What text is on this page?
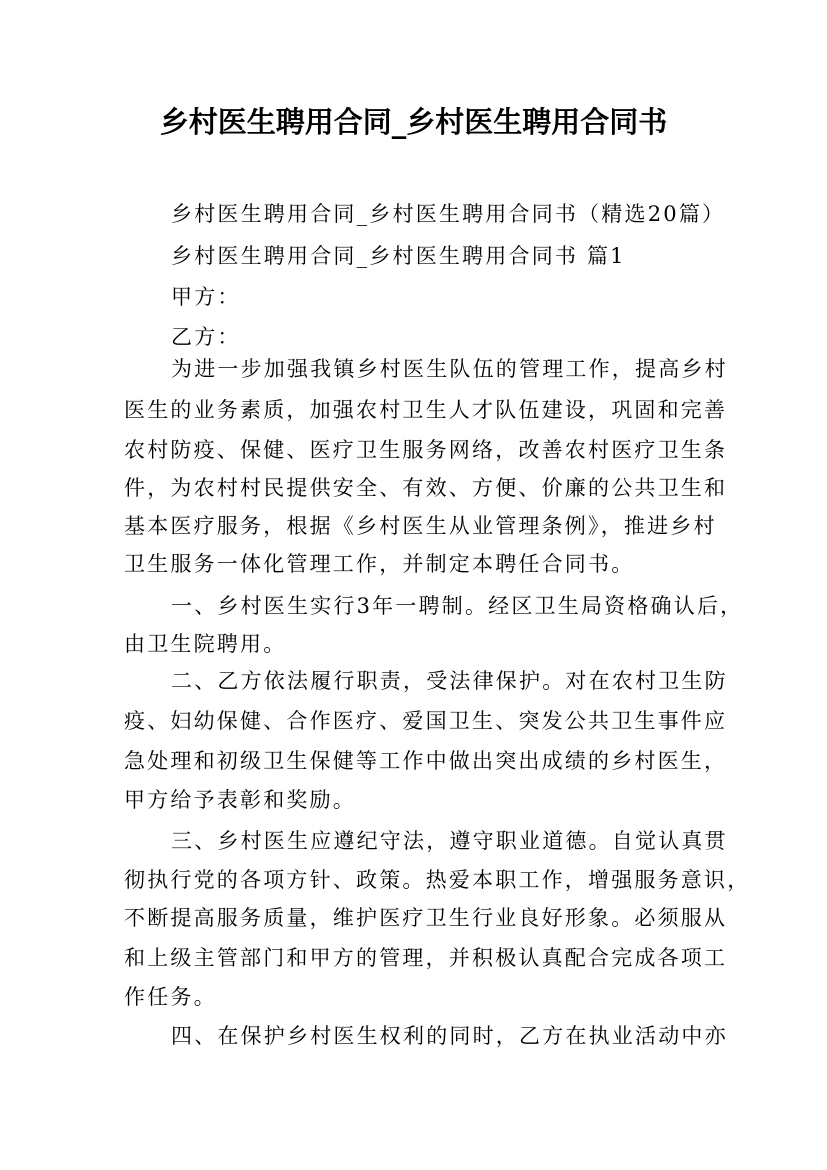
乡村医生聘用合同_乡村医生聘用合同书
乡村医生聘用合同_乡村医生聘用合同书（精选20篇）
乡村医生聘用合同_乡村医生聘用合同书 篇1
甲方：
乙方：
为进一步加强我镇乡村医生队伍的管理工作，提高乡村
医生的业务素质，加强农村卫生人才队伍建设，巩固和完善
农村防疫、保健、医疗卫生服务网络，改善农村医疗卫生条
件，为农村村民提供安全、有效、方便、价廉的公共卫生和
基本医疗服务，根据《乡村医生从业管理条例》，推进乡村
卫生服务一体化管理工作，并制定本聘任合同书。
一、乡村医生实行3年一聘制。经区卫生局资格确认后，
由卫生院聘用。
二、乙方依法履行职责，受法律保护。对在农村卫生防
疫、妇幼保健、合作医疗、爱国卫生、突发公共卫生事件应
急处理和初级卫生保健等工作中做出突出成绩的乡村医生，
甲方给予表彰和奖励。
三、乡村医生应遵纪守法，遵守职业道德。自觉认真贯
彻执行党的各项方针、政策。热爱本职工作，增强服务意识，
不断提高服务质量，维护医疗卫生行业良好形象。必须服从
和上级主管部门和甲方的管理，并积极认真配合完成各项工
作任务。
四、在保护乡村医生权利的同时，乙方在执业活动中亦
